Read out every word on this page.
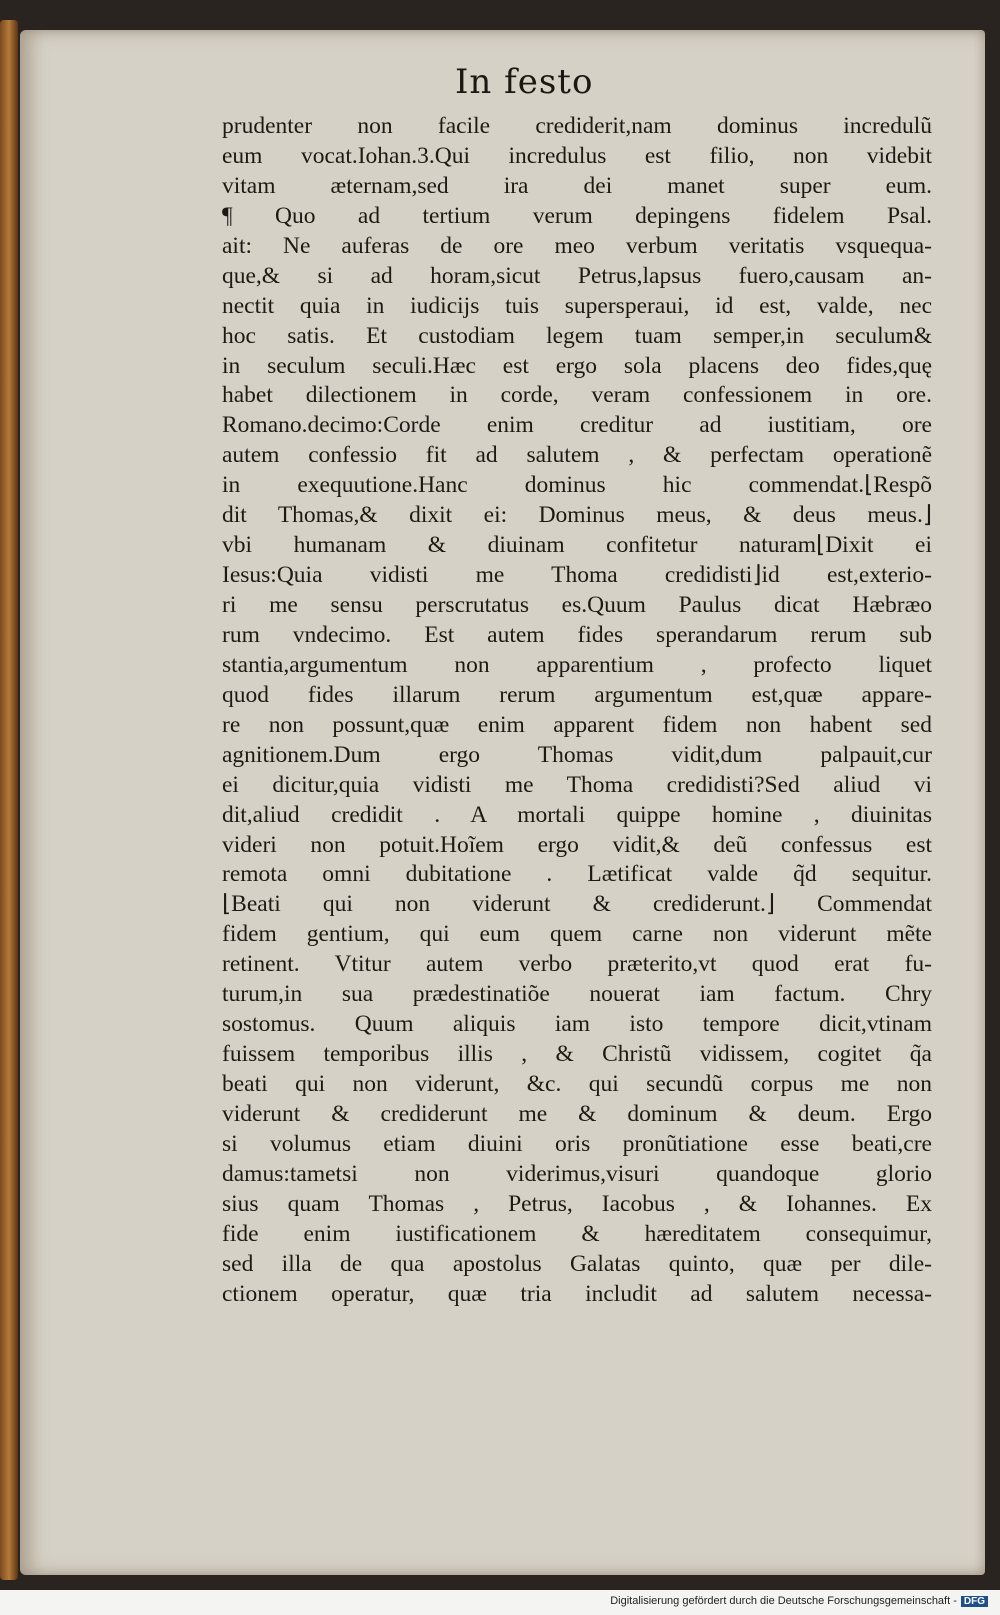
In festo
prudenter non facile crediderit,nam dominus incredulũ
eum vocat.Iohan.3.Qui incredulus est filio, non videbit
vitam æternam,sed ira dei manet super eum.
¶ Quo ad tertium verum depingens fidelem Psal.
ait: Ne auferas de ore meo verbum veritatis vsquequa-
que,& si ad horam,sicut Petrus,lapsus fuero,causam an-
nectit quia in iudicijs tuis supersperaui, id est, valde, nec
hoc satis. Et custodiam legem tuam semper,in seculum&
in seculum seculi.Hæc est ergo sola placens deo fides,quę
habet dilectionem in corde, veram confessionem in ore.
Romano.decimo:Corde enim creditur ad iustitiam, ore
autem confessio fit ad salutem , & perfectam operationẽ
in exequutione.Hanc dominus hic commendat.⌊Respõ
dit Thomas,& dixit ei: Dominus meus, & deus meus.⌋
vbi humanam & diuinam confitetur naturam⌊Dixit ei
Iesus:Quia vidisti me Thoma credidisti⌋id est,exterio-
ri me sensu perscrutatus es.Quum Paulus dicat Hæbræo
rum vndecimo. Est autem fides sperandarum rerum sub
stantia,argumentum non apparentium , profecto liquet
quod fides illarum rerum argumentum est,quæ appare-
re non possunt,quæ enim apparent fidem non habent sed
agnitionem.Dum ergo Thomas vidit,dum palpauit,cur
ei dicitur,quia vidisti me Thoma credidisti?Sed aliud vi
dit,aliud credidit . A mortali quippe homine , diuinitas
videri non potuit.Hoĩem ergo vidit,& deũ confessus est
remota omni dubitatione . Lætificat valde q̃d sequitur.
⌊Beati qui non viderunt & crediderunt.⌋ Commendat
fidem gentium, qui eum quem carne non viderunt mẽte
retinent. Vtitur autem verbo præterito,vt quod erat fu-
turum,in sua prædestinatiõe nouerat iam factum. Chry
sostomus. Quum aliquis iam isto tempore dicit,vtinam
fuissem temporibus illis , & Christũ vidissem, cogitet q̃a
beati qui non viderunt, &c. qui secundũ corpus me non
viderunt & crediderunt me & dominum & deum. Ergo
si volumus etiam diuini oris pronũtiatione esse beati,cre
damus:tametsi non viderimus,visuri quandoque glorio
sius quam Thomas , Petrus, Iacobus , & Iohannes. Ex
fide enim iustificationem & hæreditatem consequimur,
sed illa de qua apostolus Galatas quinto, quæ per dile-
ctionem operatur, quæ tria includit ad salutem necessa-
Digitalisierung gefördert durch die Deutsche Forschungsgemeinschaft - DFG
